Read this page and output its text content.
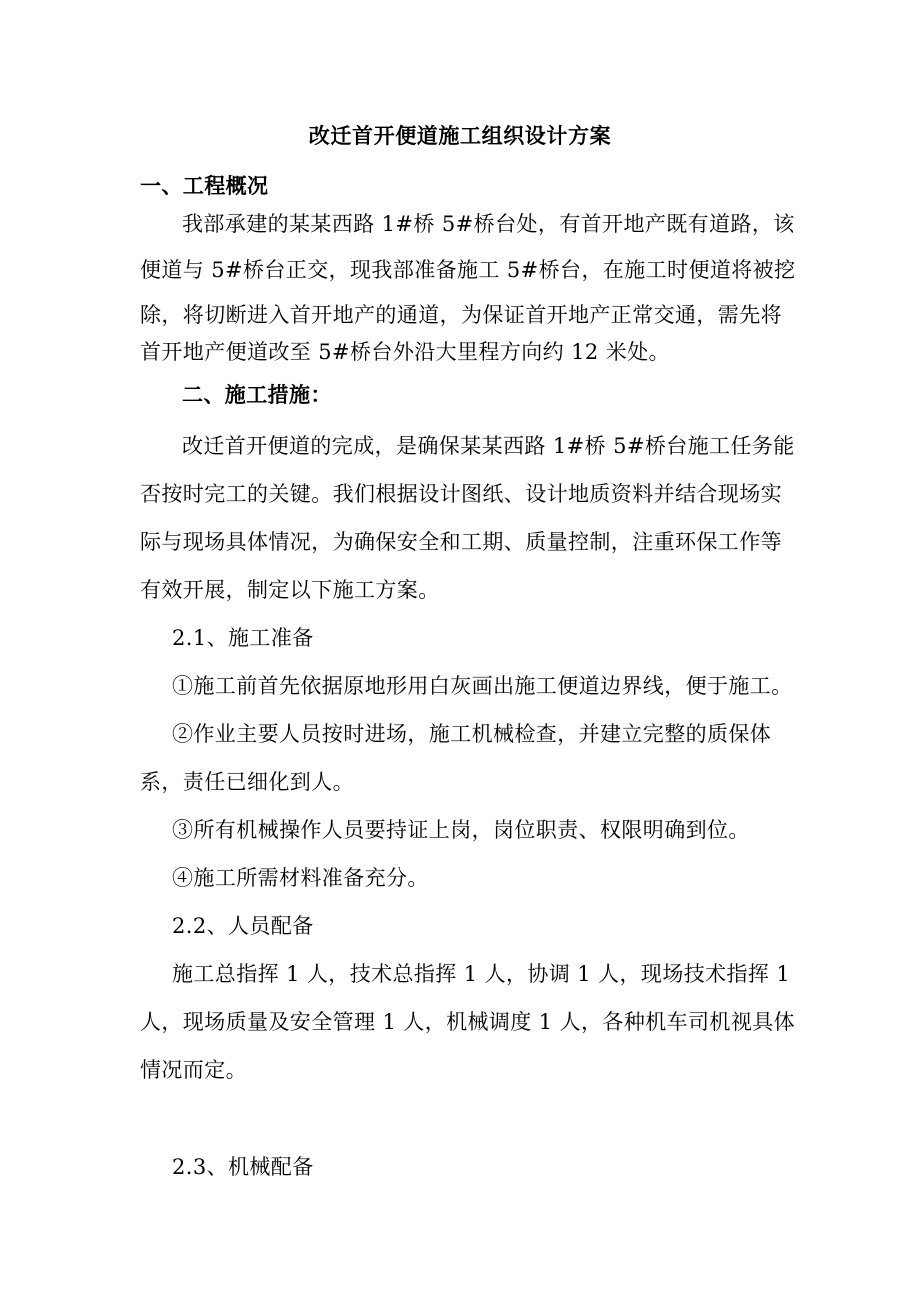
改迁首开便道施工组织设计方案
一、工程概况
我部承建的某某西路 1#桥 5#桥台处，有首开地产既有道路，该
便道与 5#桥台正交，现我部准备施工 5#桥台，在施工时便道将被挖
除，将切断进入首开地产的通道，为保证首开地产正常交通，需先将
首开地产便道改至 5#桥台外沿大里程方向约 12 米处。
二、施工措施：
改迁首开便道的完成，是确保某某西路 1#桥 5#桥台施工任务能
否按时完工的关键。我们根据设计图纸、设计地质资料并结合现场实
际与现场具体情况，为确保安全和工期、质量控制，注重环保工作等
有效开展，制定以下施工方案。
2.1、施工准备
①施工前首先依据原地形用白灰画出施工便道边界线，便于施工。
②作业主要人员按时进场，施工机械检查，并建立完整的质保体
系，责任已细化到人。
③所有机械操作人员要持证上岗，岗位职责、权限明确到位。
④施工所需材料准备充分。
2.2、人员配备
施工总指挥 1 人，技术总指挥 1 人，协调 1 人，现场技术指挥 1
人，现场质量及安全管理 1 人，机械调度 1 人，各种机车司机视具体
情况而定。
2.3、机械配备
